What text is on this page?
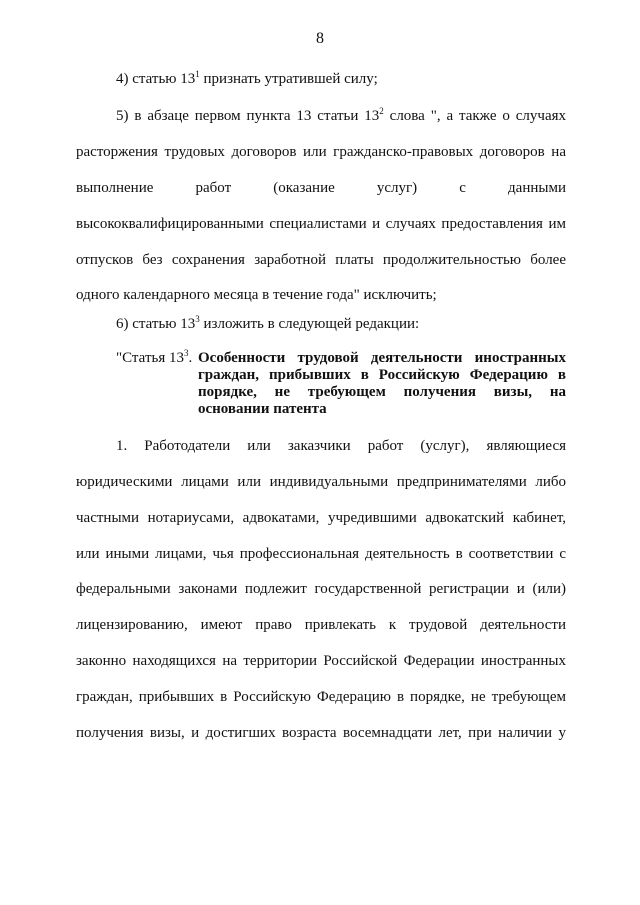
8
4) статью $13^1$ признать утратившей силу;
5) в абзаце первом пункта 13 статьи $13^2$ слова ", а также о случаях
расторжения трудовых договоров или гражданско-правовых договоров на
выполнение работ (оказание услуг) с данными
высококвалифицированными специалистами и случаях предоставления им
отпусков без сохранения заработной платы продолжительностью более
одного календарного месяца в течение года" исключить;
6) статью $13^3$ изложить в следующей редакции:
"Статья $13^3$. Особенности трудовой деятельности иностранных
граждан, прибывших в Российскую Федерацию в
порядке, не требующем получения визы, на
основании патента
1. Работодатели или заказчики работ (услуг), являющиеся
юридическими лицами или индивидуальными предпринимателями либо
частными нотариусами, адвокатами, учредившими адвокатский кабинет,
или иными лицами, чья профессиональная деятельность в соответствии с
федеральными законами подлежит государственной регистрации и (или)
лицензированию, имеют право привлекать к трудовой деятельности
законно находящихся на территории Российской Федерации иностранных
граждан, прибывших в Российскую Федерацию в порядке, не требующем
получения визы, и достигших возраста восемнадцати лет, при наличии у
